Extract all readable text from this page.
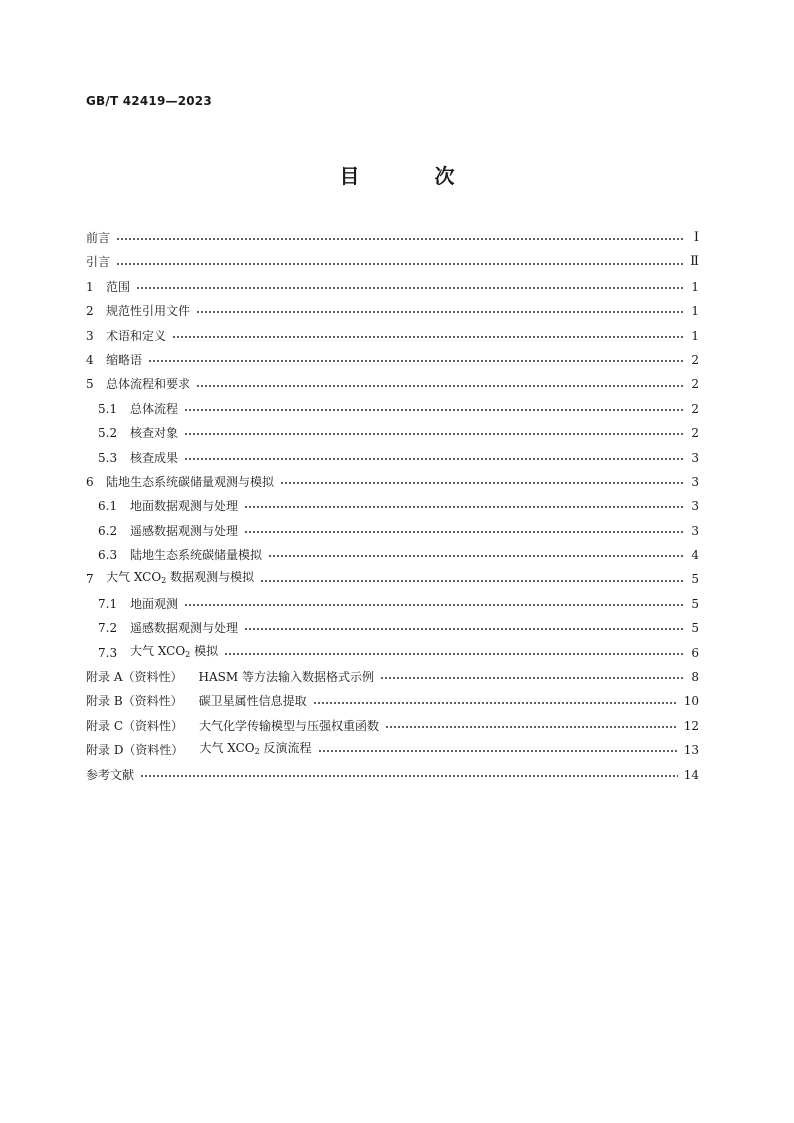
GB/T 42419—2023
目 次
前言	Ⅰ
引言	Ⅱ
1	范围	1
2	规范性引用文件	1
3	术语和定义	1
4	缩略语	2
5	总体流程和要求	2
5.1	总体流程	2
5.2	核查对象	2
5.3	核查成果	3
6	陆地生态系统碳储量观测与模拟	3
6.1	地面数据观测与处理	3
6.2	遥感数据观测与处理	3
6.3	陆地生态系统碳储量模拟	4
7	大气 $XCO_2$ 数据观测与模拟	5
7.1	地面观测	5
7.2	遥感数据观测与处理	5
7.3	大气 $XCO_2$ 模拟	6
附录 A（资料性） HASM 等方法输入数据格式示例	8
附录 B（资料性） 碳卫星属性信息提取	10
附录 C（资料性） 大气化学传输模型与压强权重函数	12
附录 D（资料性） 大气 $XCO_2$ 反演流程	13
参考文献	14
